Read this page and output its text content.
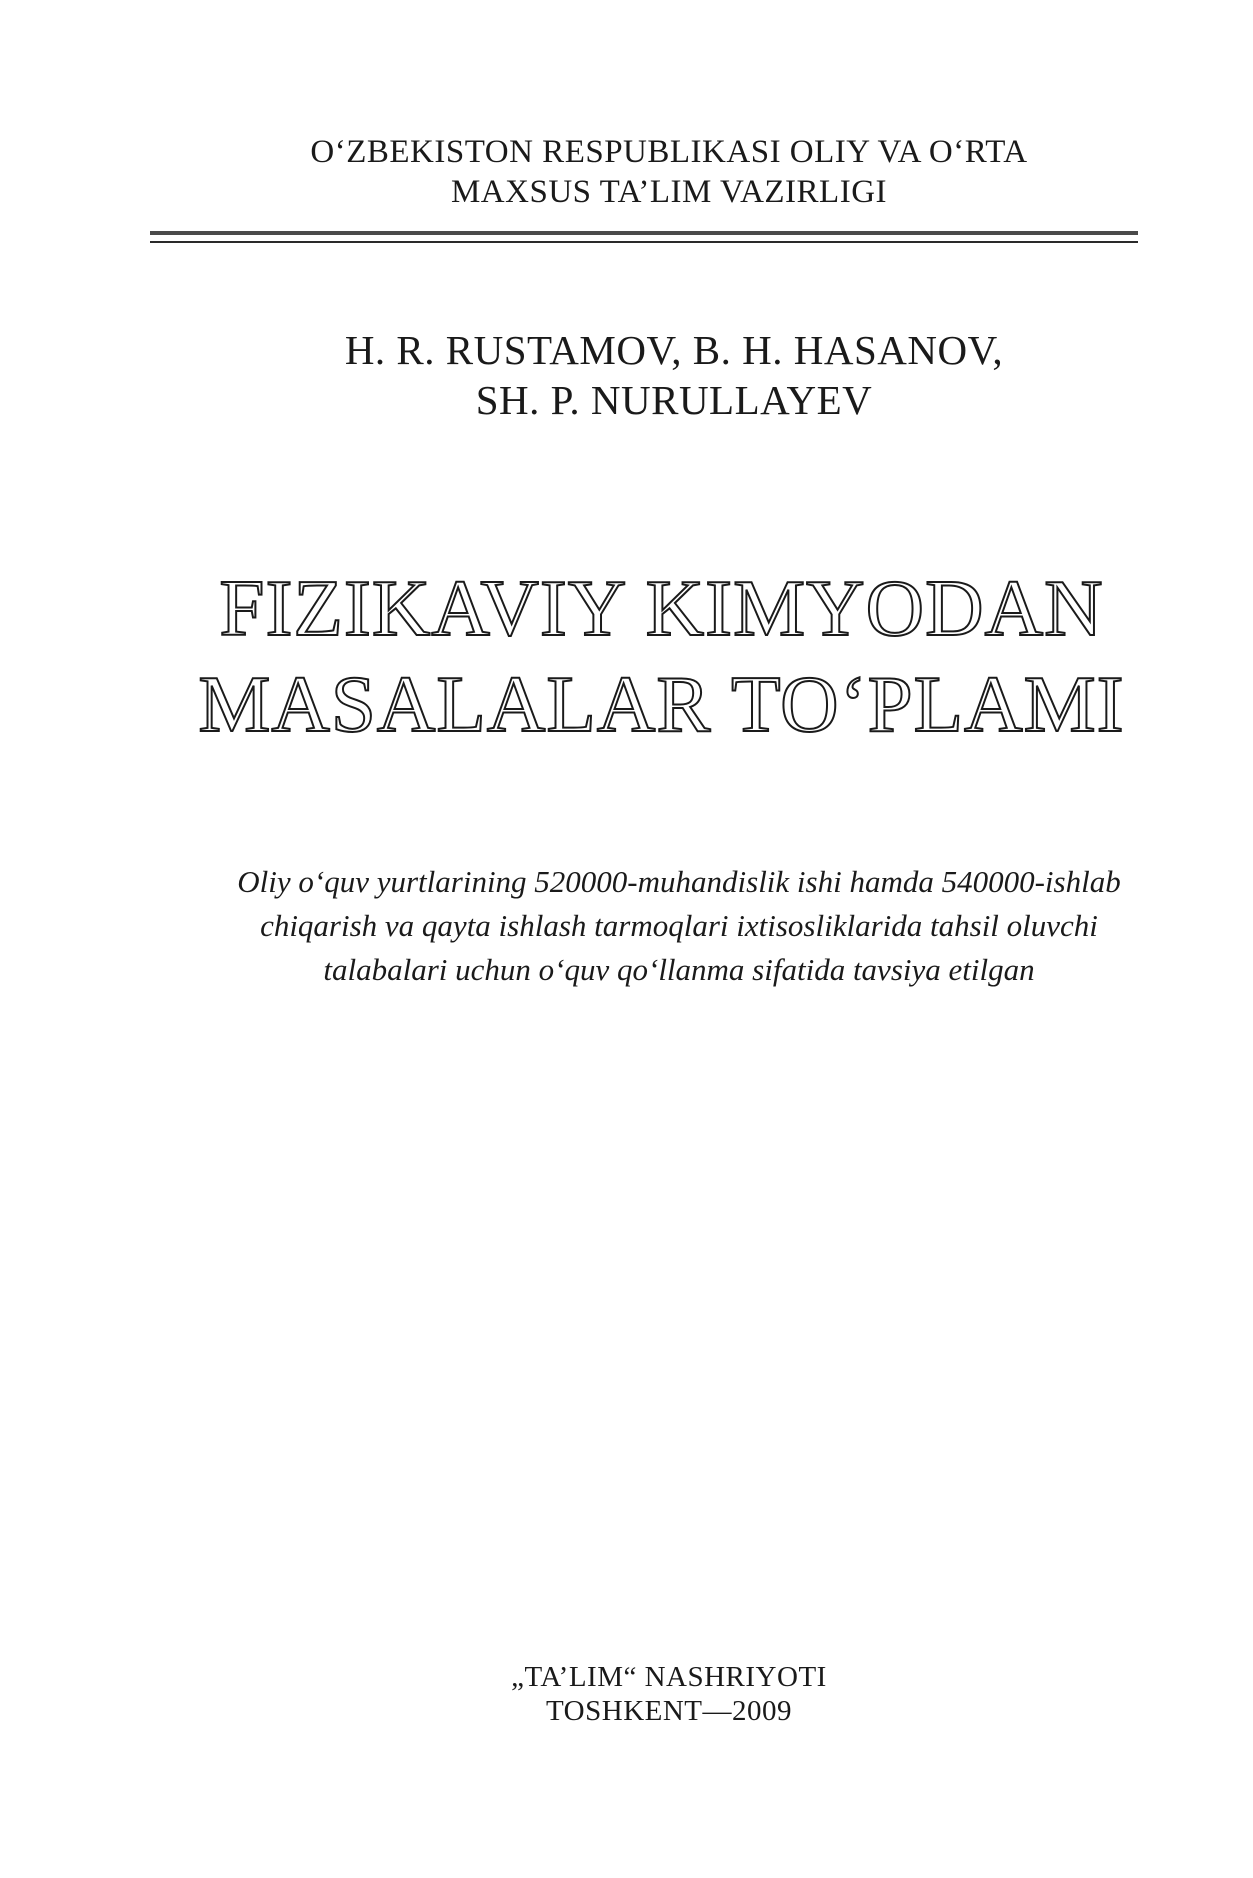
O‘ZBEKISTON RESPUBLIKASI OLIY VA O‘RTA
MAXSUS TA’LIM VAZIRLIGI
H. R. RUSTAMOV, B. H. HASANOV,
SH. P. NURULLAYEV
FIZIKAVIY KIMYODAN
MASALALAR TO‘PLAMI
Oliy o‘quv yurtlarining 520000-muhandislik ishi hamda 540000-ishlab
chiqarish va qayta ishlash tarmoqlari ixtisosliklarida tahsil oluvchi
talabalari uchun o‘quv qo‘llanma sifatida tavsiya etilgan
„TA’LIM“ NASHRIYOTI
TOSHKENT—2009
